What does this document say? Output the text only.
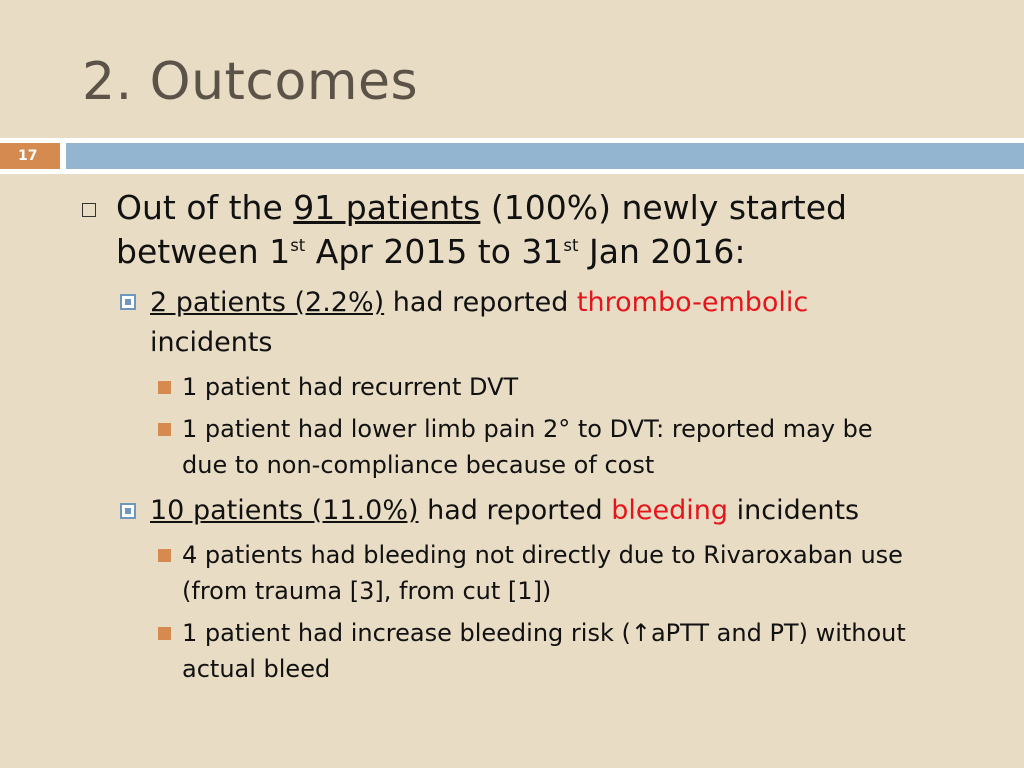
2. Outcomes
17

Out of the 91 patients (100%) newly started
between 1st Apr 2015 to 31st Jan 2016:

2 patients (2.2%) had reported thrombo-embolic
incidents

1 patient had recurrent DVT

1 patient had lower limb pain 2° to DVT: reported may be
due to non-compliance because of cost

10 patients (11.0%) had reported bleeding incidents

4 patients had bleeding not directly due to Rivaroxaban use
(from trauma [3], from cut [1])

1 patient had increase bleeding risk (↑aPTT and PT) without
actual bleed
